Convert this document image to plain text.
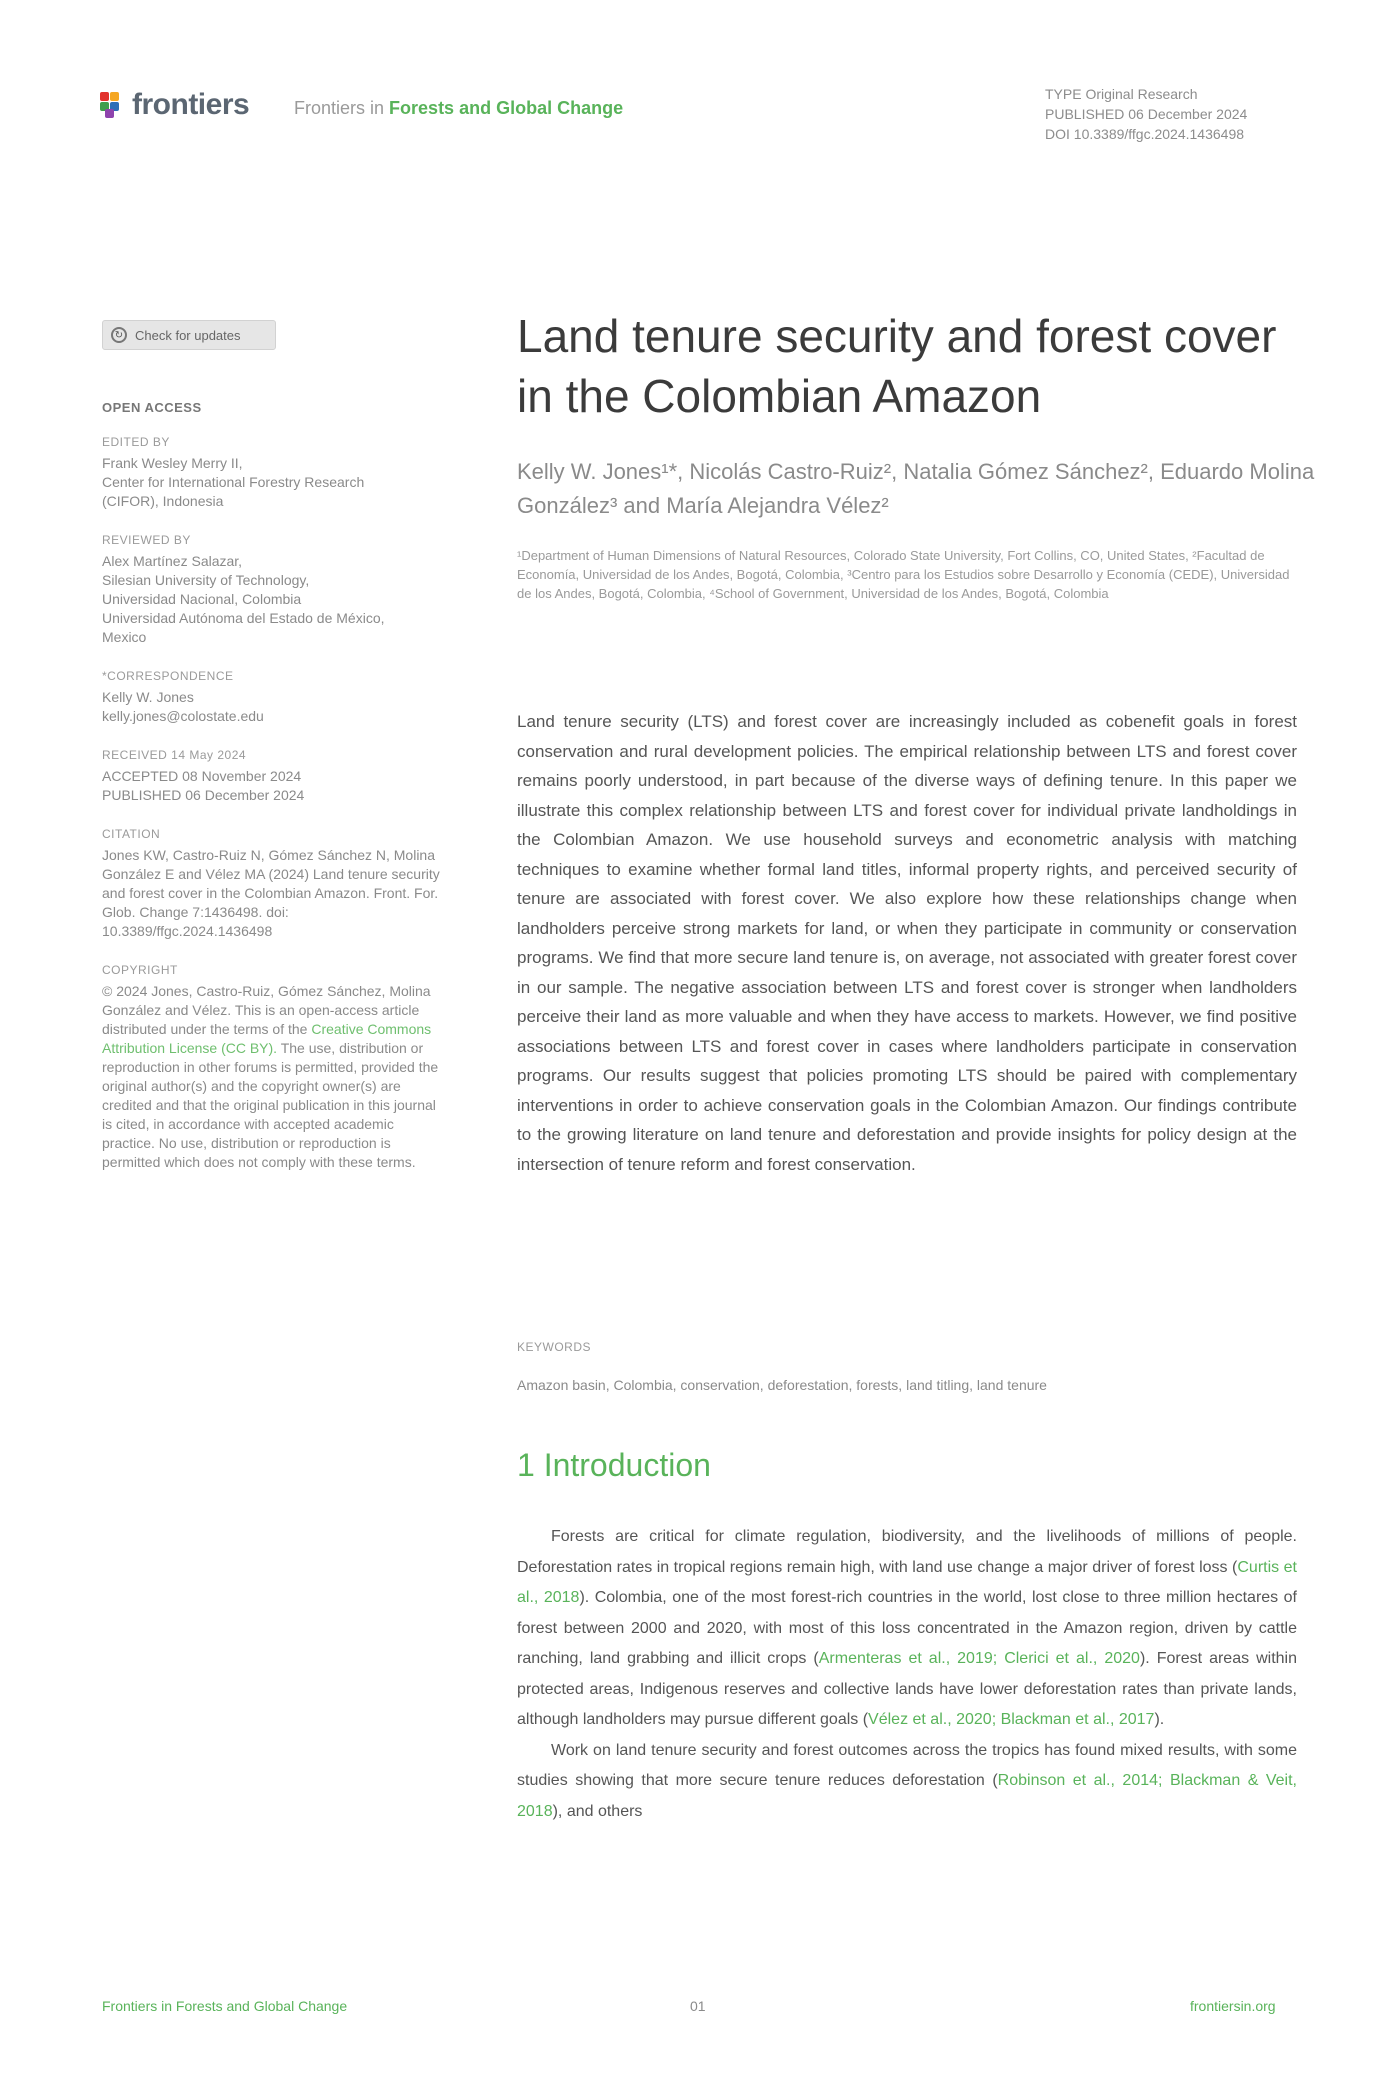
frontiers Frontiers in Forests and Global Change
TYPE Original Research
PUBLISHED 06 December 2024
DOI 10.3389/ffgc.2024.1436498
↻ Check for updates
OPEN ACCESS
EDITED BY
Frank Wesley Merry II,
Center for International Forestry Research
(CIFOR), Indonesia
REVIEWED BY
Alex Martínez Salazar,
Silesian University of Technology,
Universidad Nacional, Colombia
Universidad Autónoma del Estado de México,
Mexico
*CORRESPONDENCE
Kelly W. Jones
kelly.jones@colostate.edu
RECEIVED 14 May 2024
ACCEPTED 08 November 2024
PUBLISHED 06 December 2024
CITATION

Jones KW, Castro-Ruiz N, Gómez Sánchez N, Molina González E and Vélez MA (2024) Land tenure security and forest cover in the Colombian Amazon. Front. For. Glob. Change 7:1436498. doi: 10.3389/ffgc.2024.1436498

COPYRIGHT

© 2024 Jones, Castro-Ruiz, Gómez Sánchez, Molina González and Vélez. This is an open-access article distributed under the terms of the Creative Commons Attribution License (CC BY). The use, distribution or reproduction in other forums is permitted, provided the original author(s) and the copyright owner(s) are credited and that the original publication in this journal is cited, in accordance with accepted academic practice. No use, distribution or reproduction is permitted which does not comply with these terms.

Land tenure security and forest cover in the Colombian Amazon
Kelly W. Jones¹*, Nicolás Castro-Ruiz², Natalia Gómez Sánchez², Eduardo Molina González³ and María Alejandra Vélez²
¹Department of Human Dimensions of Natural Resources, Colorado State University, Fort Collins, CO, United States, ²Facultad de Economía, Universidad de los Andes, Bogotá, Colombia, ³Centro para los Estudios sobre Desarrollo y Economía (CEDE), Universidad de los Andes, Bogotá, Colombia, ⁴School of Government, Universidad de los Andes, Bogotá, Colombia
Land tenure security (LTS) and forest cover are increasingly included as cobenefit goals in forest conservation and rural development policies. The empirical relationship between LTS and forest cover remains poorly understood, in part because of the diverse ways of defining tenure. In this paper we illustrate this complex relationship between LTS and forest cover for individual private landholdings in the Colombian Amazon. We use household surveys and econometric analysis with matching techniques to examine whether formal land titles, informal property rights, and perceived security of tenure are associated with forest cover. We also explore how these relationships change when landholders perceive strong markets for land, or when they participate in community or conservation programs. We find that more secure land tenure is, on average, not associated with greater forest cover in our sample. The negative association between LTS and forest cover is stronger when landholders perceive their land as more valuable and when they have access to markets. However, we find positive associations between LTS and forest cover in cases where landholders participate in conservation programs. Our results suggest that policies promoting LTS should be paired with complementary interventions in order to achieve conservation goals in the Colombian Amazon. Our findings contribute to the growing literature on land tenure and deforestation and provide insights for policy design at the intersection of tenure reform and forest conservation.
KEYWORDS
Amazon basin, Colombia, conservation, deforestation, forests, land titling, land tenure
1 Introduction

Forests are critical for climate regulation, biodiversity, and the livelihoods of millions of people. Deforestation rates in tropical regions remain high, with land use change a major driver of forest loss (Curtis et al., 2018). Colombia, one of the most forest-rich countries in the world, lost close to three million hectares of forest between 2000 and 2020, with most of this loss concentrated in the Amazon region, driven by cattle ranching, land grabbing and illicit crops (Armenteras et al., 2019; Clerici et al., 2020). Forest areas within protected areas, Indigenous reserves and collective lands have lower deforestation rates than private lands, although landholders may pursue different goals (Vélez et al., 2020; Blackman et al., 2017).

Work on land tenure security and forest outcomes across the tropics has found mixed results, with some studies showing that more secure tenure reduces deforestation (Robinson et al., 2014; Blackman & Veit, 2018), and others

Frontiers in Forests and Global Change	01	frontiersin.org
